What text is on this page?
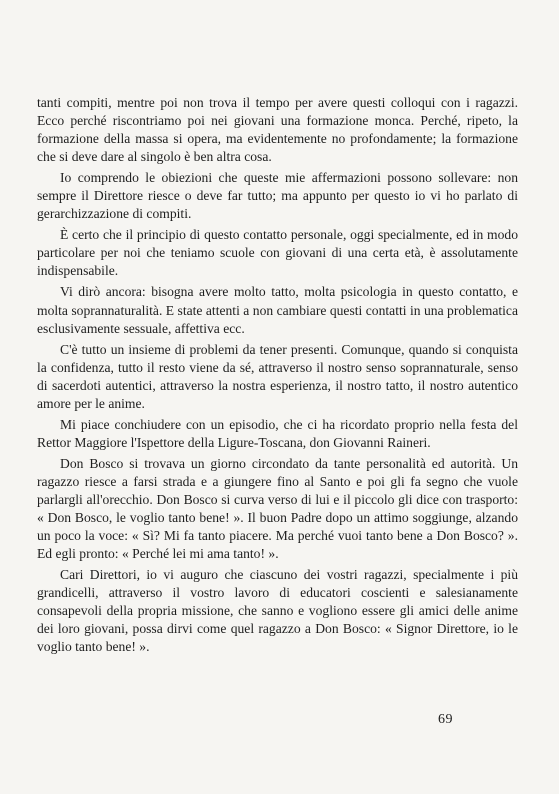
tanti compiti, mentre poi non trova il tempo per avere questi colloqui con i ragazzi. Ecco perché riscontriamo poi nei giovani una formazione monca. Perché, ripeto, la formazione della massa si opera, ma evidentemente no profondamente; la formazione che si deve dare al singolo è ben altra cosa.

Io comprendo le obiezioni che queste mie affermazioni possono sollevare: non sempre il Direttore riesce o deve far tutto; ma appunto per questo io vi ho parlato di gerarchizzazione di compiti.

È certo che il principio di questo contatto personale, oggi specialmente, ed in modo particolare per noi che teniamo scuole con giovani di una certa età, è assolutamente indispensabile.

Vi dirò ancora: bisogna avere molto tatto, molta psicologia in questo contatto, e molta soprannaturalità. E state attenti a non cambiare questi contatti in una problematica esclusivamente sessuale, affettiva ecc.

C'è tutto un insieme di problemi da tener presenti. Comunque, quando si conquista la confidenza, tutto il resto viene da sé, attraverso il nostro senso soprannaturale, senso di sacerdoti autentici, attraverso la nostra esperienza, il nostro tatto, il nostro autentico amore per le anime.

Mi piace conchiudere con un episodio, che ci ha ricordato proprio nella festa del Rettor Maggiore l'Ispettore della Ligure-Toscana, don Giovanni Raineri.

Don Bosco si trovava un giorno circondato da tante personalità ed autorità. Un ragazzo riesce a farsi strada e a giungere fino al Santo e poi gli fa segno che vuole parlargli all'orecchio. Don Bosco si curva verso di lui e il piccolo gli dice con trasporto: « Don Bosco, le voglio tanto bene! ». Il buon Padre dopo un attimo soggiunge, alzando un poco la voce: « Sì? Mi fa tanto piacere. Ma perché vuoi tanto bene a Don Bosco? ». Ed egli pronto: « Perché lei mi ama tanto! ».

Cari Direttori, io vi auguro che ciascuno dei vostri ragazzi, specialmente i più grandicelli, attraverso il vostro lavoro di educatori coscienti e salesianamente consapevoli della propria missione, che sanno e vogliono essere gli amici delle anime dei loro giovani, possa dirvi come quel ragazzo a Don Bosco: « Signor Direttore, io le voglio tanto bene! ».

69
